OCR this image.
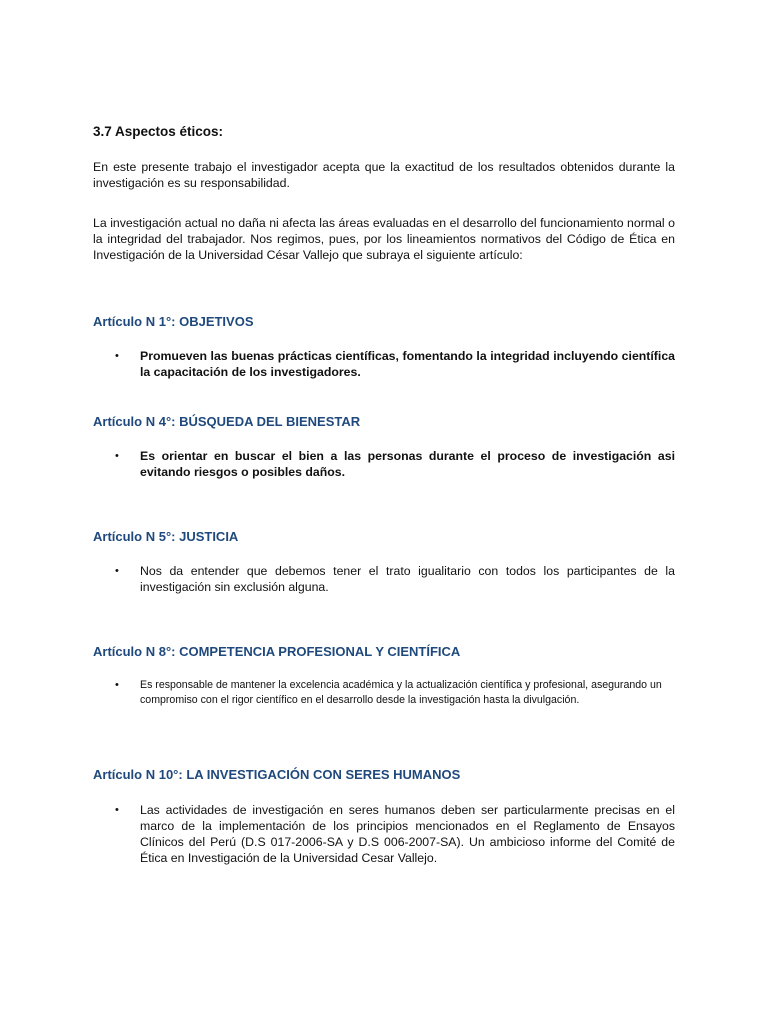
3.7 Aspectos éticos:

En este presente trabajo el investigador acepta que la exactitud de los resultados obtenidos durante la investigación es su responsabilidad.

La investigación actual no daña ni afecta las áreas evaluadas en el desarrollo del funcionamiento normal o la integridad del trabajador. Nos regimos, pues, por los lineamientos normativos del Código de Ética en Investigación de la Universidad César Vallejo que subraya el siguiente artículo:

Artículo N 1°: OBJETIVOS
•	Promueven las buenas prácticas científicas, fomentando la integridad incluyendo científica la capacitación de los investigadores.

Artículo N 4°: BÚSQUEDA DEL BIENESTAR
•	Es orientar en buscar el bien a las personas durante el proceso de investigación asi evitando riesgos o posibles daños.

Artículo N 5°: JUSTICIA
•	Nos da entender que debemos tener el trato igualitario con todos los participantes de la investigación sin exclusión alguna.

Artículo N 8°: COMPETENCIA PROFESIONAL Y CIENTÍFICA
•	Es responsable de mantener la excelencia académica y la actualización científica y profesional, asegurando un compromiso con el rigor científico en el desarrollo desde la investigación hasta la divulgación.

Artículo N 10°: LA INVESTIGACIÓN CON SERES HUMANOS
•	Las actividades de investigación en seres humanos deben ser particularmente precisas en el marco de la implementación de los principios mencionados en el Reglamento de Ensayos Clínicos del Perú (D.S 017-2006-SA y D.S 006-2007-SA). Un ambicioso informe del Comité de Ética en Investigación de la Universidad Cesar Vallejo.
